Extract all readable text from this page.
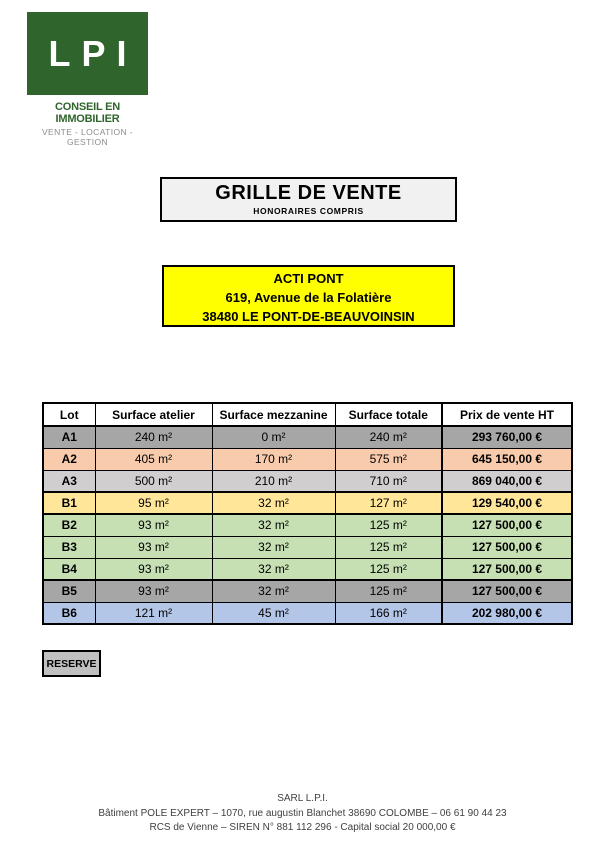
LPI
CONSEIL EN IMMOBILIER
VENTE - LOCATION - GESTION
GRILLE DE VENTE
HONORAIRES COMPRIS
ACTI PONT
619, Avenue de la Folatière
38480 LE PONT-DE-BEAUVOINSIN
Lot	Surface atelier	Surface mezzanine	Surface totale	Prix de vente HT
A1	240 m²	0 m²	240 m²	293 760,00 €
A2	405 m²	170 m²	575 m²	645 150,00 €
A3	500 m²	210 m²	710 m²	869 040,00 €
B1	95 m²	32 m²	127 m²	129 540,00 €
B2	93 m²	32 m²	125 m²	127 500,00 €
B3	93 m²	32 m²	125 m²	127 500,00 €
B4	93 m²	32 m²	125 m²	127 500,00 €
B5	93 m²	32 m²	125 m²	127 500,00 €
B6	121 m²	45 m²	166 m²	202 980,00 €
RESERVE
SARL L.P.I.
Bâtiment POLE EXPERT – 1070, rue augustin Blanchet 38690 COLOMBE – 06 61 90 44 23
RCS de Vienne – SIREN N° 881 112 296 - Capital social 20 000,00 €
